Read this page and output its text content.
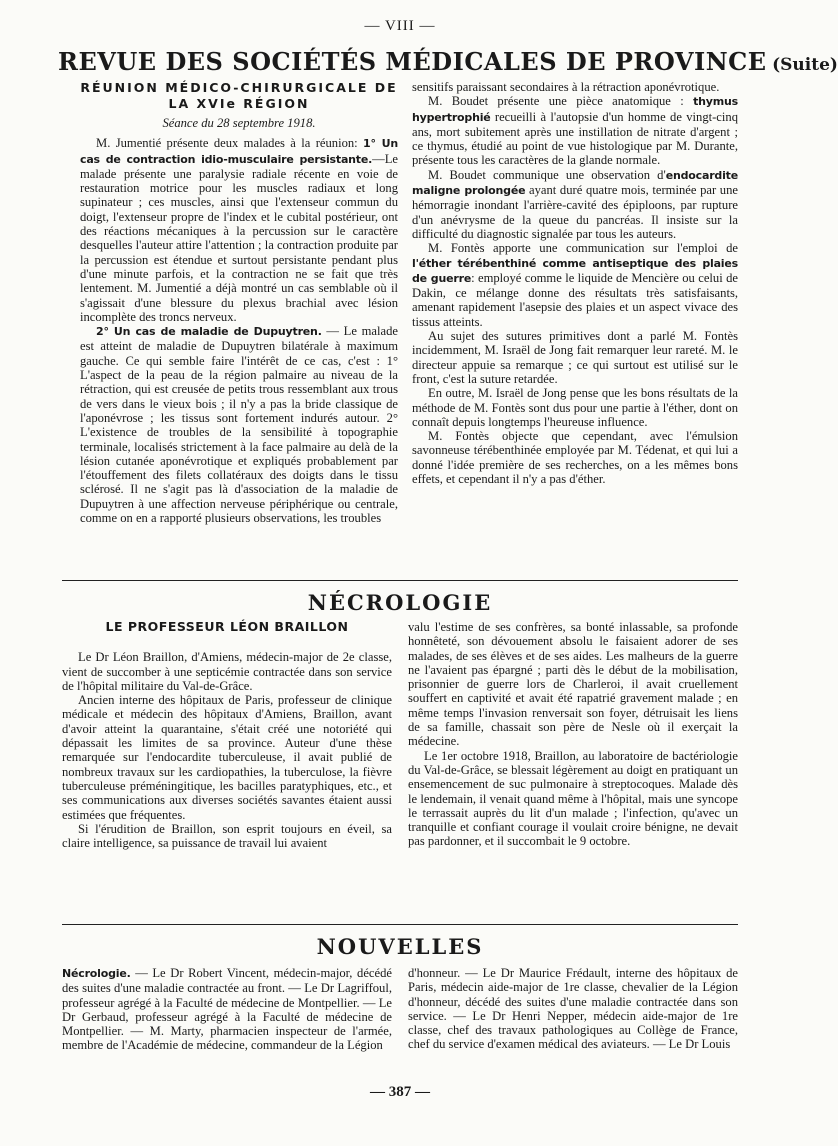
— VIII —
REVUE DES SOCIÉTÉS MÉDICALES DE PROVINCE (Suite)
RÉUNION MÉDICO-CHIRURGICALE DE
LA XVIe RÉGION
Séance du 28 septembre 1918.

M. Jumentié présente deux malades à la réunion: 1° Un cas de contraction idio-musculaire persistante.—Le malade présente une paralysie radiale récente en voie de restauration motrice pour les muscles radiaux et long supinateur ; ces muscles, ainsi que l'extenseur commun du doigt, l'extenseur propre de l'index et le cubital postérieur, ont des réactions mécaniques à la percussion sur le caractère desquelles l'auteur attire l'attention ; la contraction produite par la percussion est étendue et surtout persistante pendant plus d'une minute parfois, et la contraction ne se fait que très lentement. M. Jumentié a déjà montré un cas semblable où il s'agissait d'une blessure du plexus brachial avec lésion incomplète des troncs nerveux.

2° Un cas de maladie de Dupuytren. — Le malade est atteint de maladie de Dupuytren bilatérale à maximum gauche. Ce qui semble faire l'intérêt de ce cas, c'est : 1° L'aspect de la peau de la région palmaire au niveau de la rétraction, qui est creusée de petits trous ressemblant aux trous de vers dans le vieux bois ; il n'y a pas la bride classique de l'aponévrose ; les tissus sont fortement indurés autour. 2° L'existence de troubles de la sensibilité à topographie terminale, localisés strictement à la face palmaire au delà de la lésion cutanée aponévrotique et expliqués probablement par l'étouffement des filets collatéraux des doigts dans le tissu sclérosé. Il ne s'agit pas là d'association de la maladie de Dupuytren à une affection nerveuse périphérique ou centrale, comme on en a rapporté plusieurs observations, les troubles

sensitifs paraissant secondaires à la rétraction aponévrotique.

M. Boudet présente une pièce anatomique : thymus hypertrophié recueilli à l'autopsie d'un homme de vingt-cinq ans, mort subitement après une instillation de nitrate d'argent ; ce thymus, étudié au point de vue histologique par M. Durante, présente tous les caractères de la glande normale.

M. Boudet communique une observation d'endocardite maligne prolongée ayant duré quatre mois, terminée par une hémorragie inondant l'arrière-cavité des épiploons, par rupture d'un anévrysme de la queue du pancréas. Il insiste sur la difficulté du diagnostic signalée par tous les auteurs.

M. Fontès apporte une communication sur l'emploi de l'éther térébenthiné comme antiseptique des plaies de guerre: employé comme le liquide de Mencière ou celui de Dakin, ce mélange donne des résultats très satisfaisants, amenant rapidement l'asepsie des plaies et un aspect vivace des tissus atteints.

Au sujet des sutures primitives dont a parlé M. Fontès incidemment, M. Israël de Jong fait remarquer leur rareté. M. le directeur appuie sa remarque ; ce qui surtout est utilisé sur le front, c'est la suture retardée.

En outre, M. Israël de Jong pense que les bons résultats de la méthode de M. Fontès sont dus pour une partie à l'éther, dont on connaît depuis longtemps l'heureuse influence.

M. Fontès objecte que cependant, avec l'émulsion savonneuse térébenthinée employée par M. Tédenat, et qui lui a donné l'idée première de ses recherches, on a les mêmes bons effets, et cependant il n'y a pas d'éther.

NÉCROLOGIE
LE PROFESSEUR LÉON BRAILLON

Le Dr Léon Braillon, d'Amiens, médecin-major de 2e classe, vient de succomber à une septicémie contractée dans son service de l'hôpital militaire du Val-de-Grâce.

Ancien interne des hôpitaux de Paris, professeur de clinique médicale et médecin des hôpitaux d'Amiens, Braillon, avant d'avoir atteint la quarantaine, s'était créé une notoriété qui dépassait les limites de sa province. Auteur d'une thèse remarquée sur l'endocardite tuberculeuse, il avait publié de nombreux travaux sur les cardiopathies, la tuberculose, la fièvre tuberculeuse préméningitique, les bacilles paratyphiques, etc., et ses communications aux diverses sociétés savantes étaient aussi estimées que fréquentes.

Si l'érudition de Braillon, son esprit toujours en éveil, sa claire intelligence, sa puissance de travail lui avaient

valu l'estime de ses confrères, sa bonté inlassable, sa profonde honnêteté, son dévouement absolu le faisaient adorer de ses malades, de ses élèves et de ses aides. Les malheurs de la guerre ne l'avaient pas épargné ; parti dès le début de la mobilisation, prisonnier de guerre lors de Charleroi, il avait cruellement souffert en captivité et avait été rapatrié gravement malade ; en même temps l'invasion renversait son foyer, détruisait les liens de sa famille, chassait son père de Nesle où il exerçait la médecine.

Le 1er octobre 1918, Braillon, au laboratoire de bactériologie du Val-de-Grâce, se blessait légèrement au doigt en pratiquant un ensemencement de suc pulmonaire à streptocoques. Malade dès le lendemain, il venait quand même à l'hôpital, mais une syncope le terrassait auprès du lit d'un malade ; l'infection, qu'avec un tranquille et confiant courage il voulait croire bénigne, ne devait pas pardonner, et il succombait le 9 octobre.

NOUVELLES

Nécrologie. — Le Dr Robert Vincent, médecin-major, décédé des suites d'une maladie contractée au front. — Le Dr Lagriffoul, professeur agrégé à la Faculté de médecine de Montpellier. — Le Dr Gerbaud, professeur agrégé à la Faculté de médecine de Montpellier. — M. Marty, pharmacien inspecteur de l'armée, membre de l'Académie de médecine, commandeur de la Légion

d'honneur. — Le Dr Maurice Frédault, interne des hôpitaux de Paris, médecin aide-major de 1re classe, chevalier de la Légion d'honneur, décédé des suites d'une maladie contractée dans son service. — Le Dr Henri Nepper, médecin aide-major de 1re classe, chef des travaux pathologiques au Collège de France, chef du service d'examen médical des aviateurs. — Le Dr Louis

— 387 —
